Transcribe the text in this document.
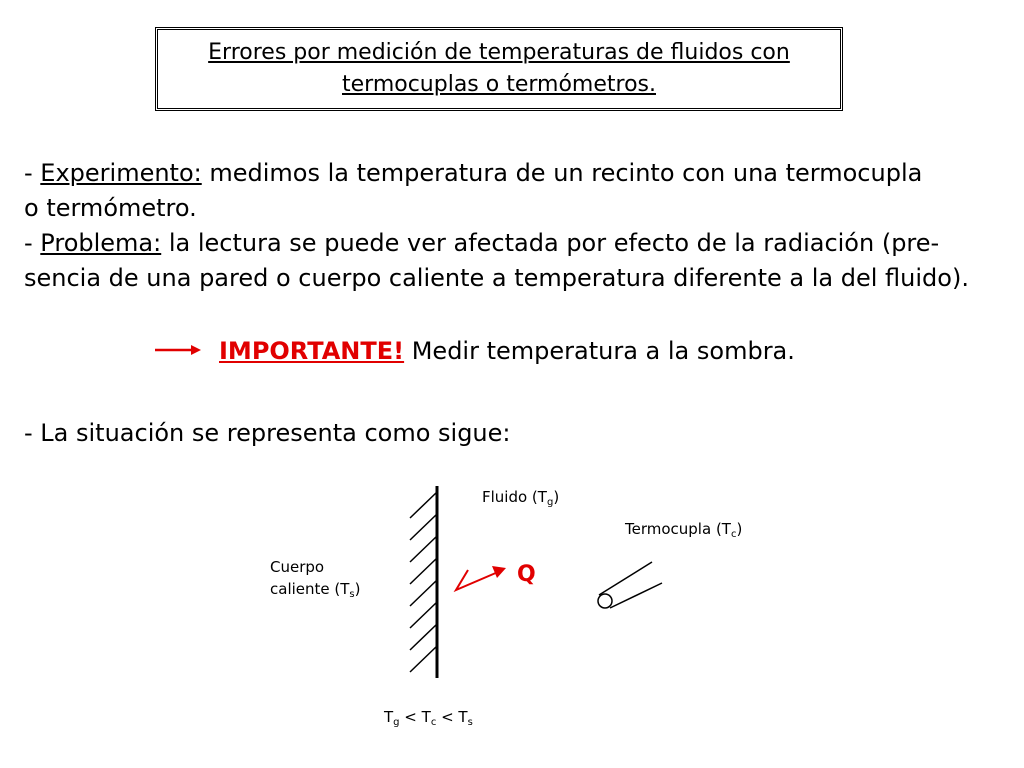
Errores por medición de temperaturas de fluidos con
termocuplas o termómetros.
- Experimento: medimos la temperatura de un recinto con una termocupla
o termómetro.
- Problema: la lectura se puede ver afectada por efecto de la radiación (pre-
sencia de una pared o cuerpo caliente a temperatura diferente a la del fluido).
IMPORTANTE! Medir temperatura a la sombra.
- La situación se representa como sigue:
Fluido $(T_g)$
Termocupla $(T_c)$
Cuerpo
caliente $(T_s)$
Q
$T_g < T_c < T_s$
